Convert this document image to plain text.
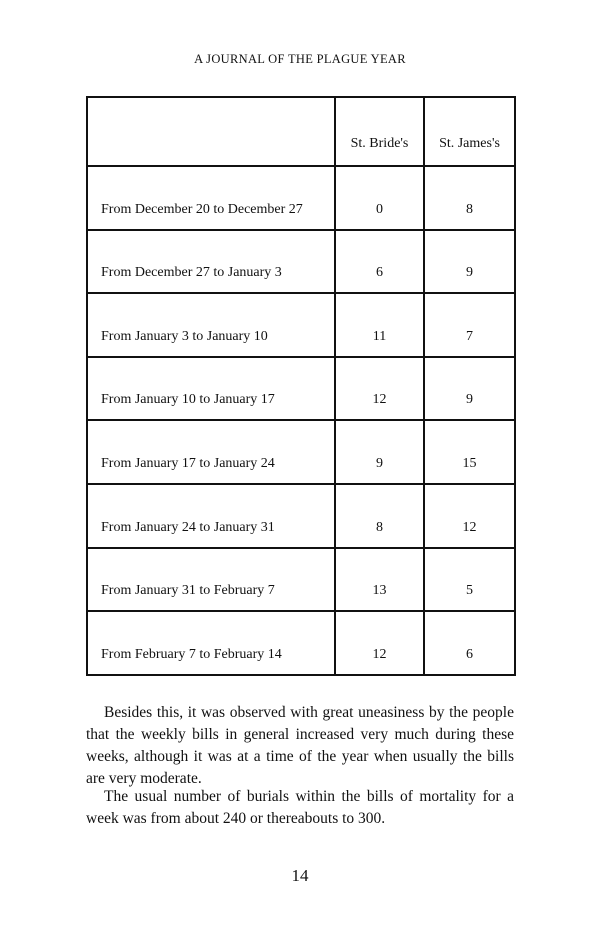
A JOURNAL OF THE PLAGUE YEAR
	St. Bride's	St. James's
From December 20 to December 27	0	8
From December 27 to January 3	6	9
From January 3 to January 10	11	7
From January 10 to January 17	12	9
From January 17 to January 24	9	15
From January 24 to January 31	8	12
From January 31 to February 7	13	5
From February 7 to February 14	12	6

Besides this, it was observed with great uneasiness by the people that the weekly bills in general increased very much during these weeks, although it was at a time of the year when usually the bills are very moderate.

The usual number of burials within the bills of mortality for a week was from about 240 or thereabouts to 300.

14
